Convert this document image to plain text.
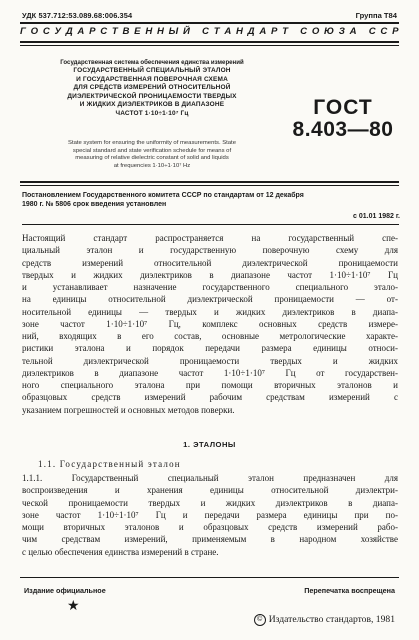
УДК 537.712:53.089.68:006.354	Группа Т84
Г О С У Д А Р С Т В Е Н Н Ы Й
С Т А Н Д А Р Т
С О Ю З А
С С Р
Государственная система обеспечения единства измерений
ГОСУДАРСТВЕННЫЙ СПЕЦИАЛЬНЫЙ ЭТАЛОН
И ГОСУДАРСТВЕННАЯ ПОВЕРОЧНАЯ СХЕМА
ДЛЯ СРЕДСТВ ИЗМЕРЕНИЙ ОТНОСИТЕЛЬНОЙ
ДИЭЛЕКТРИЧЕСКОЙ ПРОНИЦАЕМОСТИ ТВЕРДЫХ
И ЖИДКИХ ДИЭЛЕКТРИКОВ В ДИАПАЗОНЕ
ЧАСТОТ 1·10÷1·10⁷ Гц
State system for ensuring the uniformity of measurements. State
special standard and state verification schedule for means of
measuring of relative dielectric constant of solid and liquids
at frequencies 1·10÷1·10⁷ Hz
ГОСТ
8.403—80
Постановлением Государственного комитета СССР по стандартам от 12 декабря
1980 г. № 5806 срок введения установлен
с 01.01 1982 г.
Настоящий стандарт распространяется на государственный спе-
циальный эталон и государственную поверочную схему для
средств измерений относительной диэлектрической проницаемости
твердых и жидких диэлектриков в диапазоне частот 1·10÷1·10⁷ Гц
и устанавливает назначение государственного специального этало-
на единицы относительной диэлектрической проницаемости — от-
носительной единицы — твердых и жидких диэлектриков в диапа-
зоне частот 1·10÷1·10⁷ Гц, комплекс основных средств измере-
ний, входящих в его состав, основные метрологические характе-
ристики эталона и порядок передачи размера единицы относи-
тельной диэлектрической проницаемости твердых и жидких
диэлектриков в диапазоне частот 1·10÷1·10⁷ Гц от государствен-
ного специального эталона при помощи вторичных эталонов и
образцовых средств измерений рабочим средствам измерений с
указанием погрешностей и основных методов поверки.
1. ЭТАЛОНЫ
1.1. Государственный эталон
1.1.1. Государственный специальный эталон предназначен для
воспроизведения и хранения единицы относительной диэлектри-
ческой проницаемости твердых и жидких диэлектриков в диапа-
зоне частот 1·10÷1·10⁷ Гц и передачи размера единицы при по-
мощи вторичных эталонов и образцовых средств измерений рабо-
чим средствам измерений, применяемым в народном хозяйстве
с целью обеспечения единства измерений в стране.
Издание официальное	Перепечатка воспрещена
★
© Издательство стандартов, 1981
